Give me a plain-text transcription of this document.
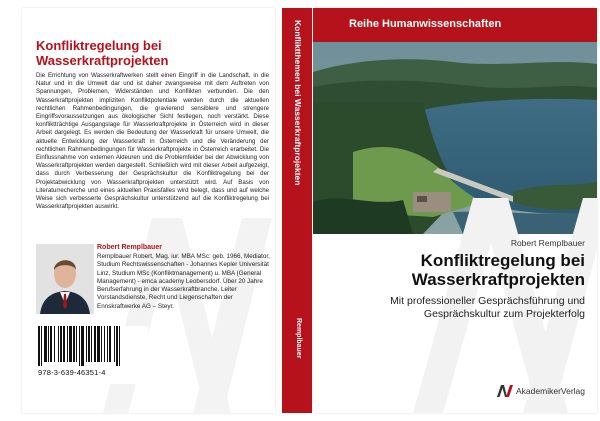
Konfliktregelung bei Wasserkraftprojekten
Die Errichtung von Wasserkraftwerken stellt einen Eingriff in die Landschaft, in die Natur und in die Umwelt dar und ist daher zwangsweise mit dem Auftreten von Spannungen, Problemen, Widerständen und Konflikten verbunden. Die den Wasserkraftprojekten impliziten Konfliktpotentiale werden durch die aktuellen rechtlichen Rahmenbedingungen, die gravierend sensiblere und strengere Eingriffsvoraussetzungen aus ökologischer Sicht festlegen, noch verstärkt. Diese konfliktträchtige Ausgangslage für Wasserkraftprojekte in Österreich wird in dieser Arbeit dargelegt. Es werden die Bedeutung der Wasserkraft für unsere Umwelt, die aktuelle Entwicklung der Wasserkraft in Österreich und die Veränderung der rechtlichen Rahmenbedingungen für Wasserkraftprojekte in Österreich erarbeitet. Die Einflussnahme von externen Akteuren und die Problemfelder bei der Abwicklung von Wasserkraftprojekten werden dargestellt. Schließlich wird mit dieser Arbeit aufgezeigt, dass durch Verbesserung der Gesprächskultur die Konfliktregelung bei der Projektabwicklung von Wasserkraftprojekten unterstützt wird. Auf Basis von Literaturrecherche und eines aktuellen Praxisfalles wird belegt, dass und auf welche Weise sich verbesserte Gesprächskultur unterstützend auf die Konfliktregelung bei Wasserkraftprojekten auswirkt.
Robert Remplbauer
Remplbauer Robert, Mag. iur. MBA MSc: geb. 1966, Mediator, Studium Rechtswissenschaften - Johannes Kepler Universität Linz, Studium MSc (Konfliktmanagement) u. MBA (General Management) - emca academy Leobersdorf. Über 20 Jahre Berufserfahrung in der Wasserkraftbranche. Leiter Vorstandsdienste, Recht und Liegenschaften der Ennskraftwerke AG – Steyr.
978-3-639-46351-4
Konfliktthemen bei Wasserkraftprojekten
Remplbauer
Reihe Humanwissenschaften
Robert Remplbauer
Konfliktregelung bei Wasserkraftprojekten
Mit professioneller Gesprächsführung und Gesprächskultur zum Projekterfolg
AkademikerVerlag
